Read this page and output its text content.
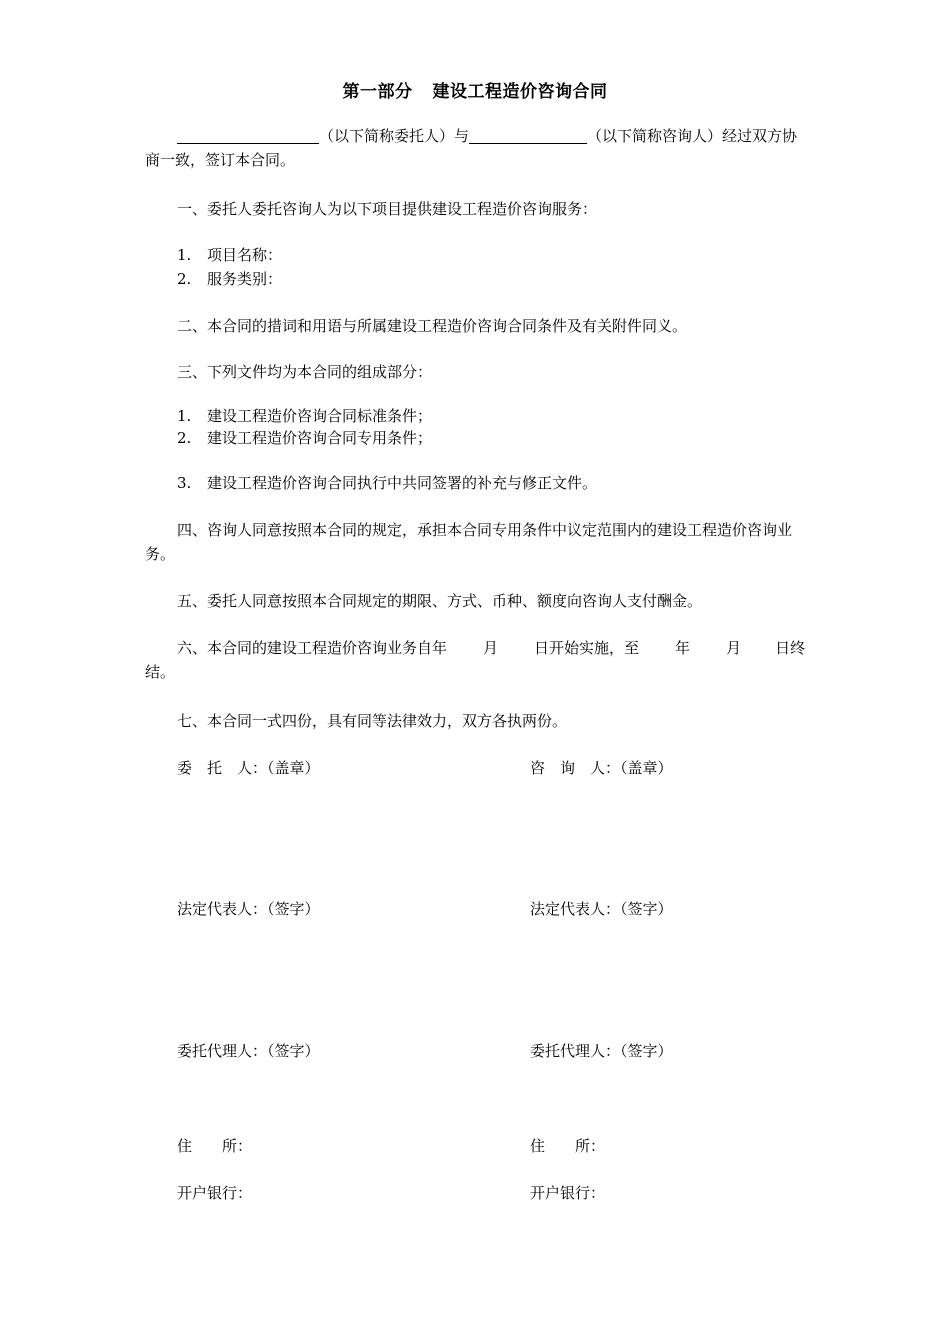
第一部分 建设工程造价咨询合同

（以下简称委托人）与	（以下简称咨询人）经过双方协商一致，签订本合同。

一、委托人委托咨询人为以下项目提供建设工程造价咨询服务：
1. 项目名称：
2. 服务类别：
二、本合同的措词和用语与所属建设工程造价咨询合同条件及有关附件同义。
三、下列文件均为本合同的组成部分：
1. 建设工程造价咨询合同标准条件；
2. 建设工程造价咨询合同专用条件；
3. 建设工程造价咨询合同执行中共同签署的补充与修正文件。

四、咨询人同意按照本合同的规定，承担本合同专用条件中议定范围内的建设工程造价咨询业务。

五、委托人同意按照本合同规定的期限、方式、币种、额度向咨询人支付酬金。

六、本合同的建设工程造价咨询业务自年 月 日开始实施，至 年 月 日终结。

七、本合同一式四份，具有同等法律效力，双方各执两份。
委　托　人：（盖章）
法定代表人：（签字）
委托代理人：（签字）
住　　所：
开户银行：
咨　询　人：（盖章）
法定代表人：（签字）
委托代理人：（签字）
住　　所：
开户银行：
